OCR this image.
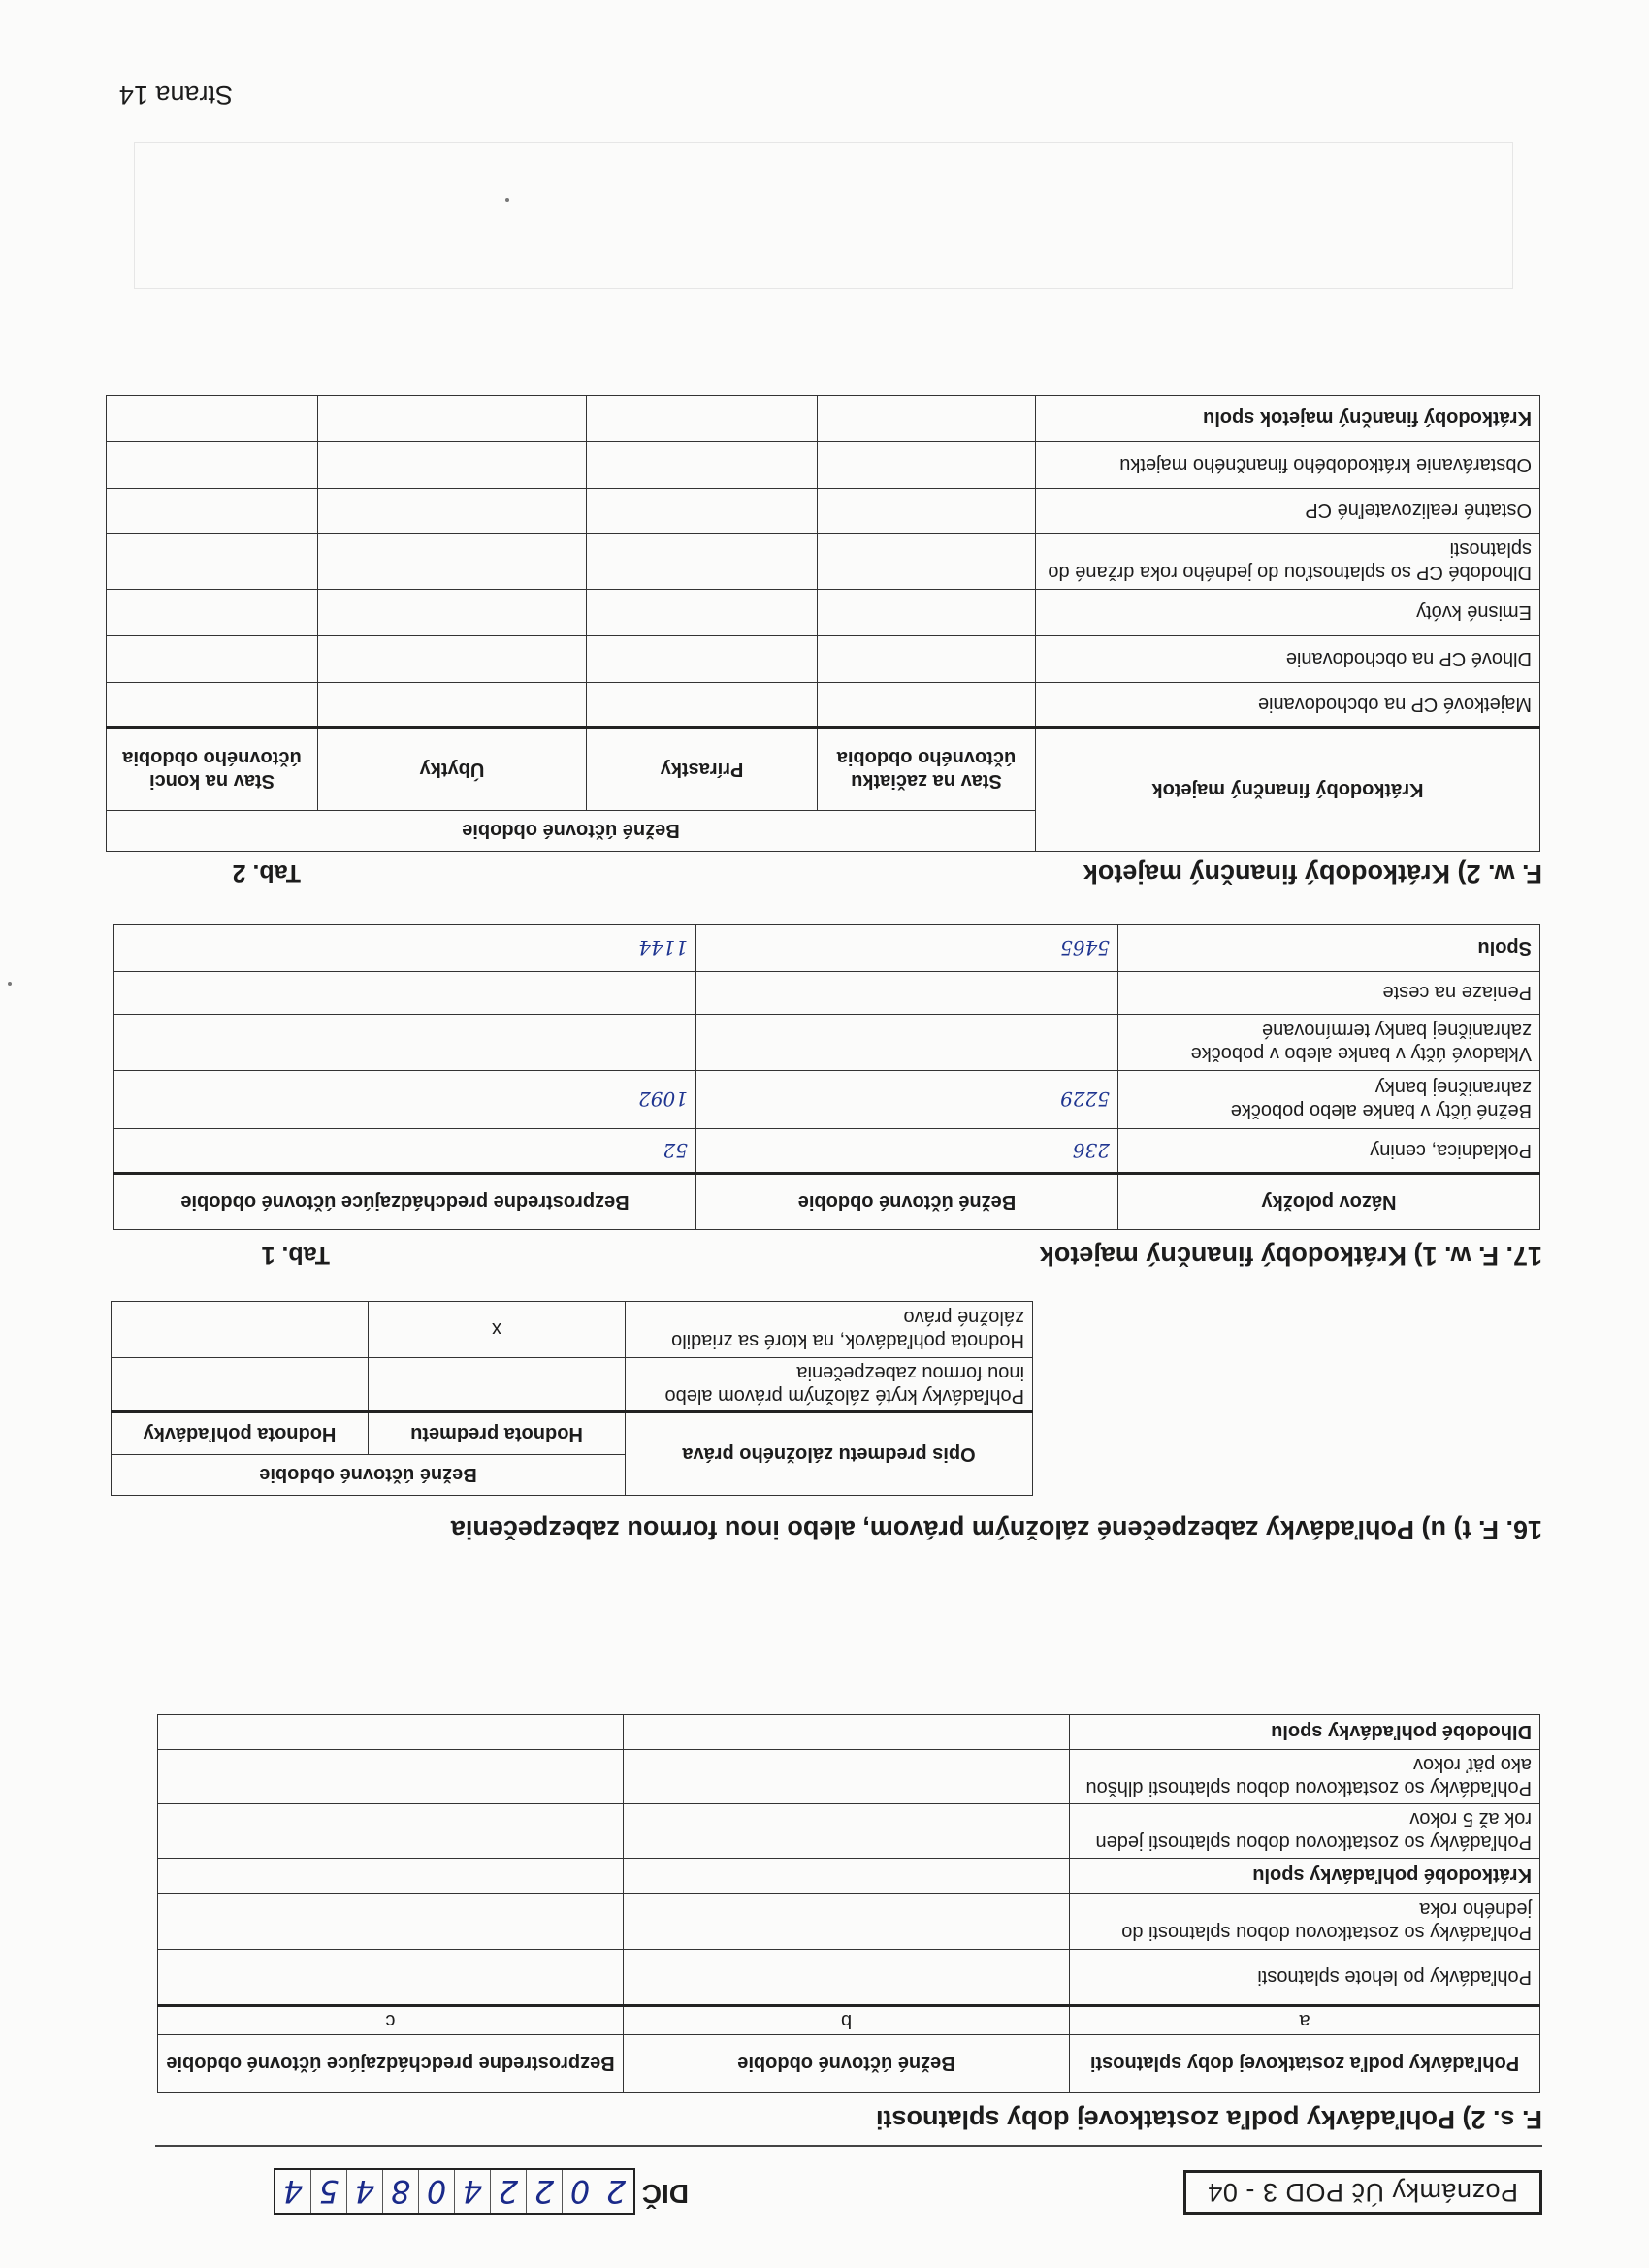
Poznámky Úč POD 3 - 04
DIČ
2
0
2
2
4
0
8
4
5
4
F. s. 2) Pohľadávky podľa zostatkovej doby splatnosti
Pohľadávky podľa zostatkovej doby splatnosti	Bežné účtovné obdobie	Bezprostredne predchádzajúce účtovné obdobie
a	b	c
Pohľadávky po lehote splatnosti		
Pohľadávky so zostatkovou dobou splatnosti do jedného roka		
Krátkodobé pohľadávky spolu		
Pohľadávky so zostatkovou dobou splatnosti jeden rok až 5 rokov		
Pohľadávky so zostatkovou dobou splatnosti dlhšou ako päť rokov		
Dlhodobé pohľadávky spolu		
16. F. t) u) Pohľadávky zabezpečené záložným právom, alebo inou formou zabezpečenia
Opis predmetu záložného práva	Bežné účtovné obdobie	
	Hodnota predmetu	Hodnota pohľadávky
Pohľadávky kryté záložným právom alebo inou formou zabezpečenia		
Hodnota pohľadávok, na ktoré sa zriadilo záložné právo	x	
17. F. w. 1) Krátkodobý finančný majetok
Tab. 1
Názov položky	Bežné účtovné obdobie	Bezprostredne predchádzajúce účtovné obdobie
Pokladnica, ceniny	236	52
Bežné účty v banke alebo pobočke zahraničnej banky	5229	1092
Vkladové účty v banke alebo v pobočke zahraničnej banky termínované		
Peniaze na ceste		
Spolu	5465	1144
F. w. 2) Krátkodobý finančný majetok
Tab. 2
Krátkodobý finančný majetok	Bežné účtovné obdobie			
	Stav na začiatku účtovného obdobia	Prírastky	Úbytky	Stav na konci účtovného obdobia
Majetkové CP na obchodovanie				
Dlhové CP na obchodovanie				
Emisné kvóty				
Dlhodobé CP so splatnosťou do jedného roka držané do splatnosti				
Ostatné realizovateľné CP				
Obstarávanie krátkodobého finančného majetku				
Krátkodobý finančný majetok spolu				
Strana 14
